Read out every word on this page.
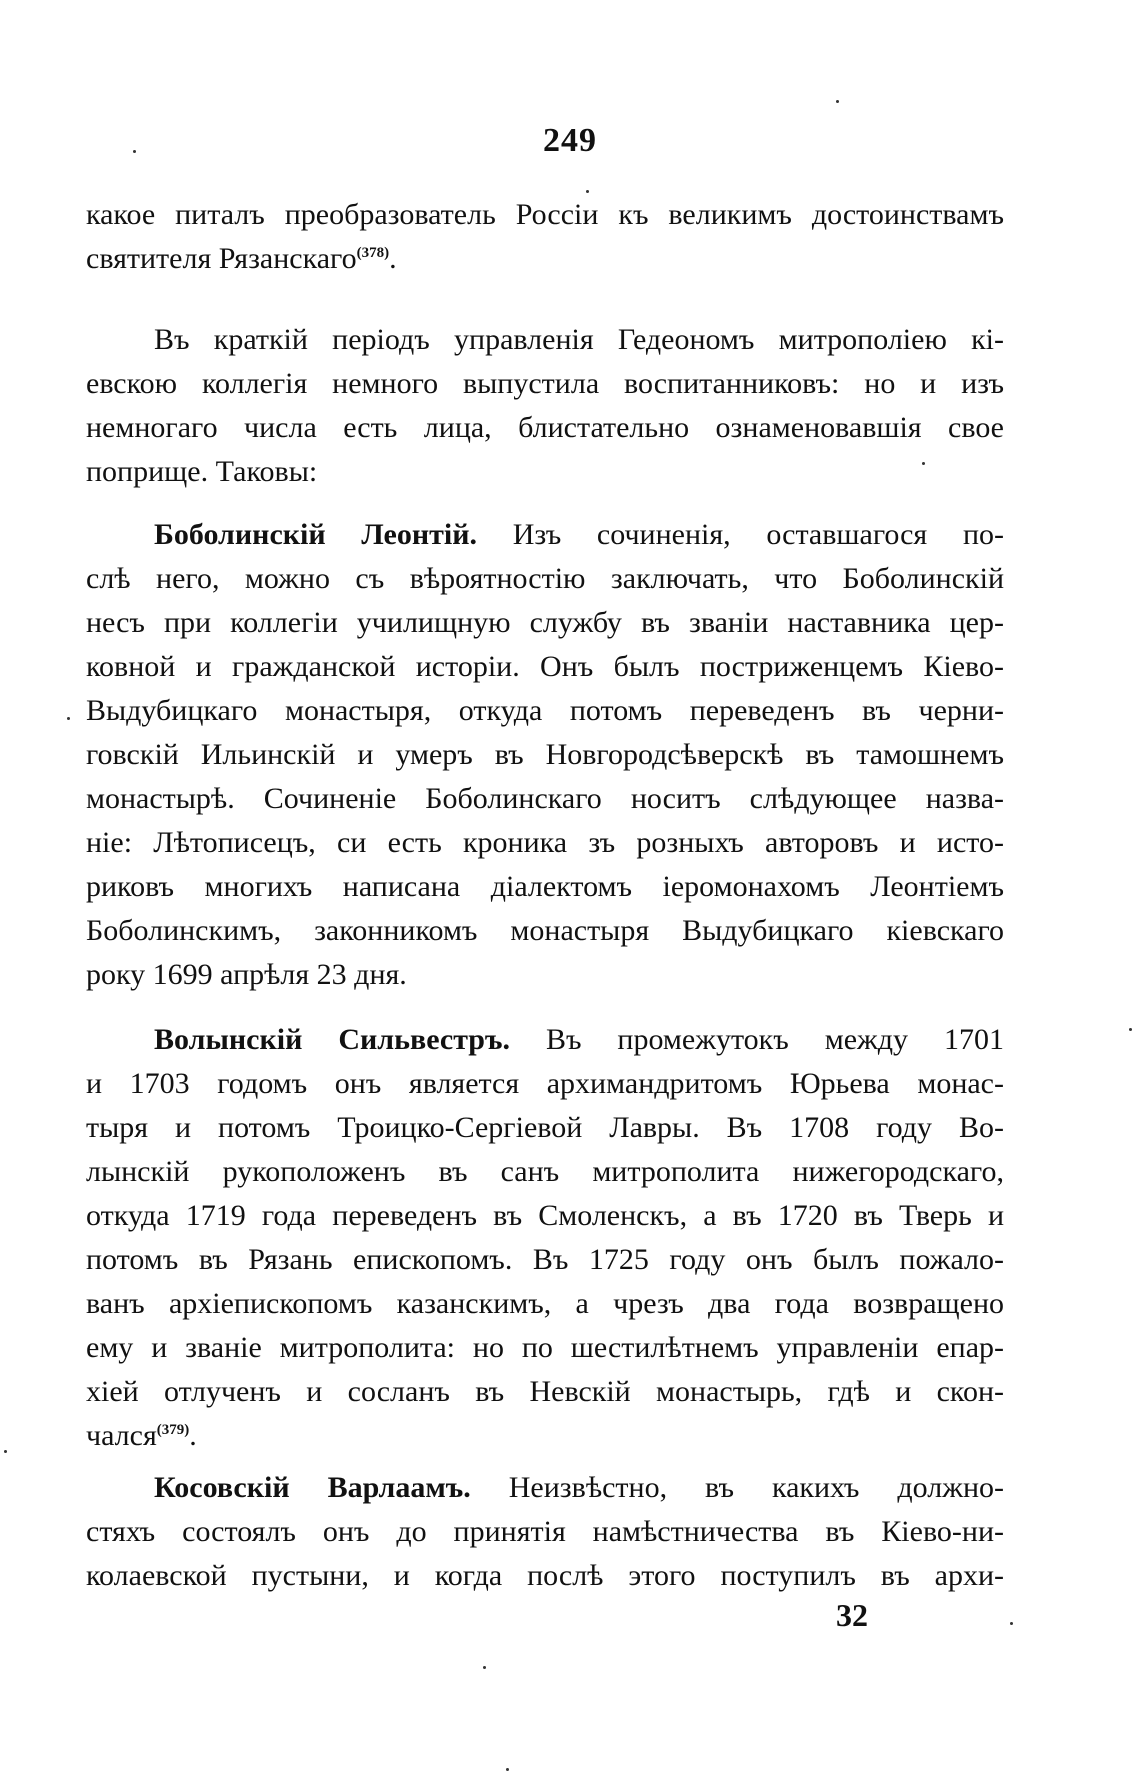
249
какое питалъ преобразователь Россіи къ великимъ достоинствамъ
святителя Рязанскаго$^{(378)}$.
Въ краткій періодъ управленія Гедеономъ митрополіею кі-
евскою коллегія немного выпустила воспитанниковъ: но и изъ
немногаго числа есть лица, блистательно ознаменовавшія свое
поприще. Таковы:
Боболинскій Леонтій. Изъ сочиненія, оставшагося по-
слѣ него, можно съ вѣроятностію заключать, что Боболинскій
несъ при коллегіи училищную службу въ званіи наставника цер-
ковной и гражданской исторіи. Онъ былъ постриженцемъ Кіево-
Выдубицкаго монастыря, откуда потомъ переведенъ въ черни-
говскій Ильинскій и умеръ въ Новгородсѣверскѣ въ тамошнемъ
монастырѣ. Сочиненіе Боболинскаго носитъ слѣдующее назва-
ніе: Лѣтописецъ, си есть кроника зъ розныхъ авторовъ и исто-
риковъ многихъ написана діалектомъ іеромонахомъ Леонтіемъ
Боболинскимъ, законникомъ монастыря Выдубицкаго кіевскаго
року 1699 апрѣля 23 дня.
Волынскій Сильвестръ. Въ промежутокъ между 1701
и 1703 годомъ онъ является архимандритомъ Юрьева монас-
тыря и потомъ Троицко-Сергіевой Лавры. Въ 1708 году Во-
лынскій рукоположенъ въ санъ митрополита нижегородскаго,
откуда 1719 года переведенъ въ Смоленскъ, а въ 1720 въ Тверь и
потомъ въ Рязань епископомъ. Въ 1725 году онъ былъ пожало-
ванъ архіепископомъ казанскимъ, а чрезъ два года возвращено
ему и званіе митрополита: но по шестилѣтнемъ управленіи епар-
хіей отлученъ и сосланъ въ Невскій монастырь, гдѣ и скон-
чался$^{(379)}$.
Косовскій Варлаамъ. Неизвѣстно, въ какихъ должно-
стяхъ состоялъ онъ до принятія намѣстничества въ Кіево-ни-
колаевской пустыни, и когда послѣ этого поступилъ въ архи-
32
